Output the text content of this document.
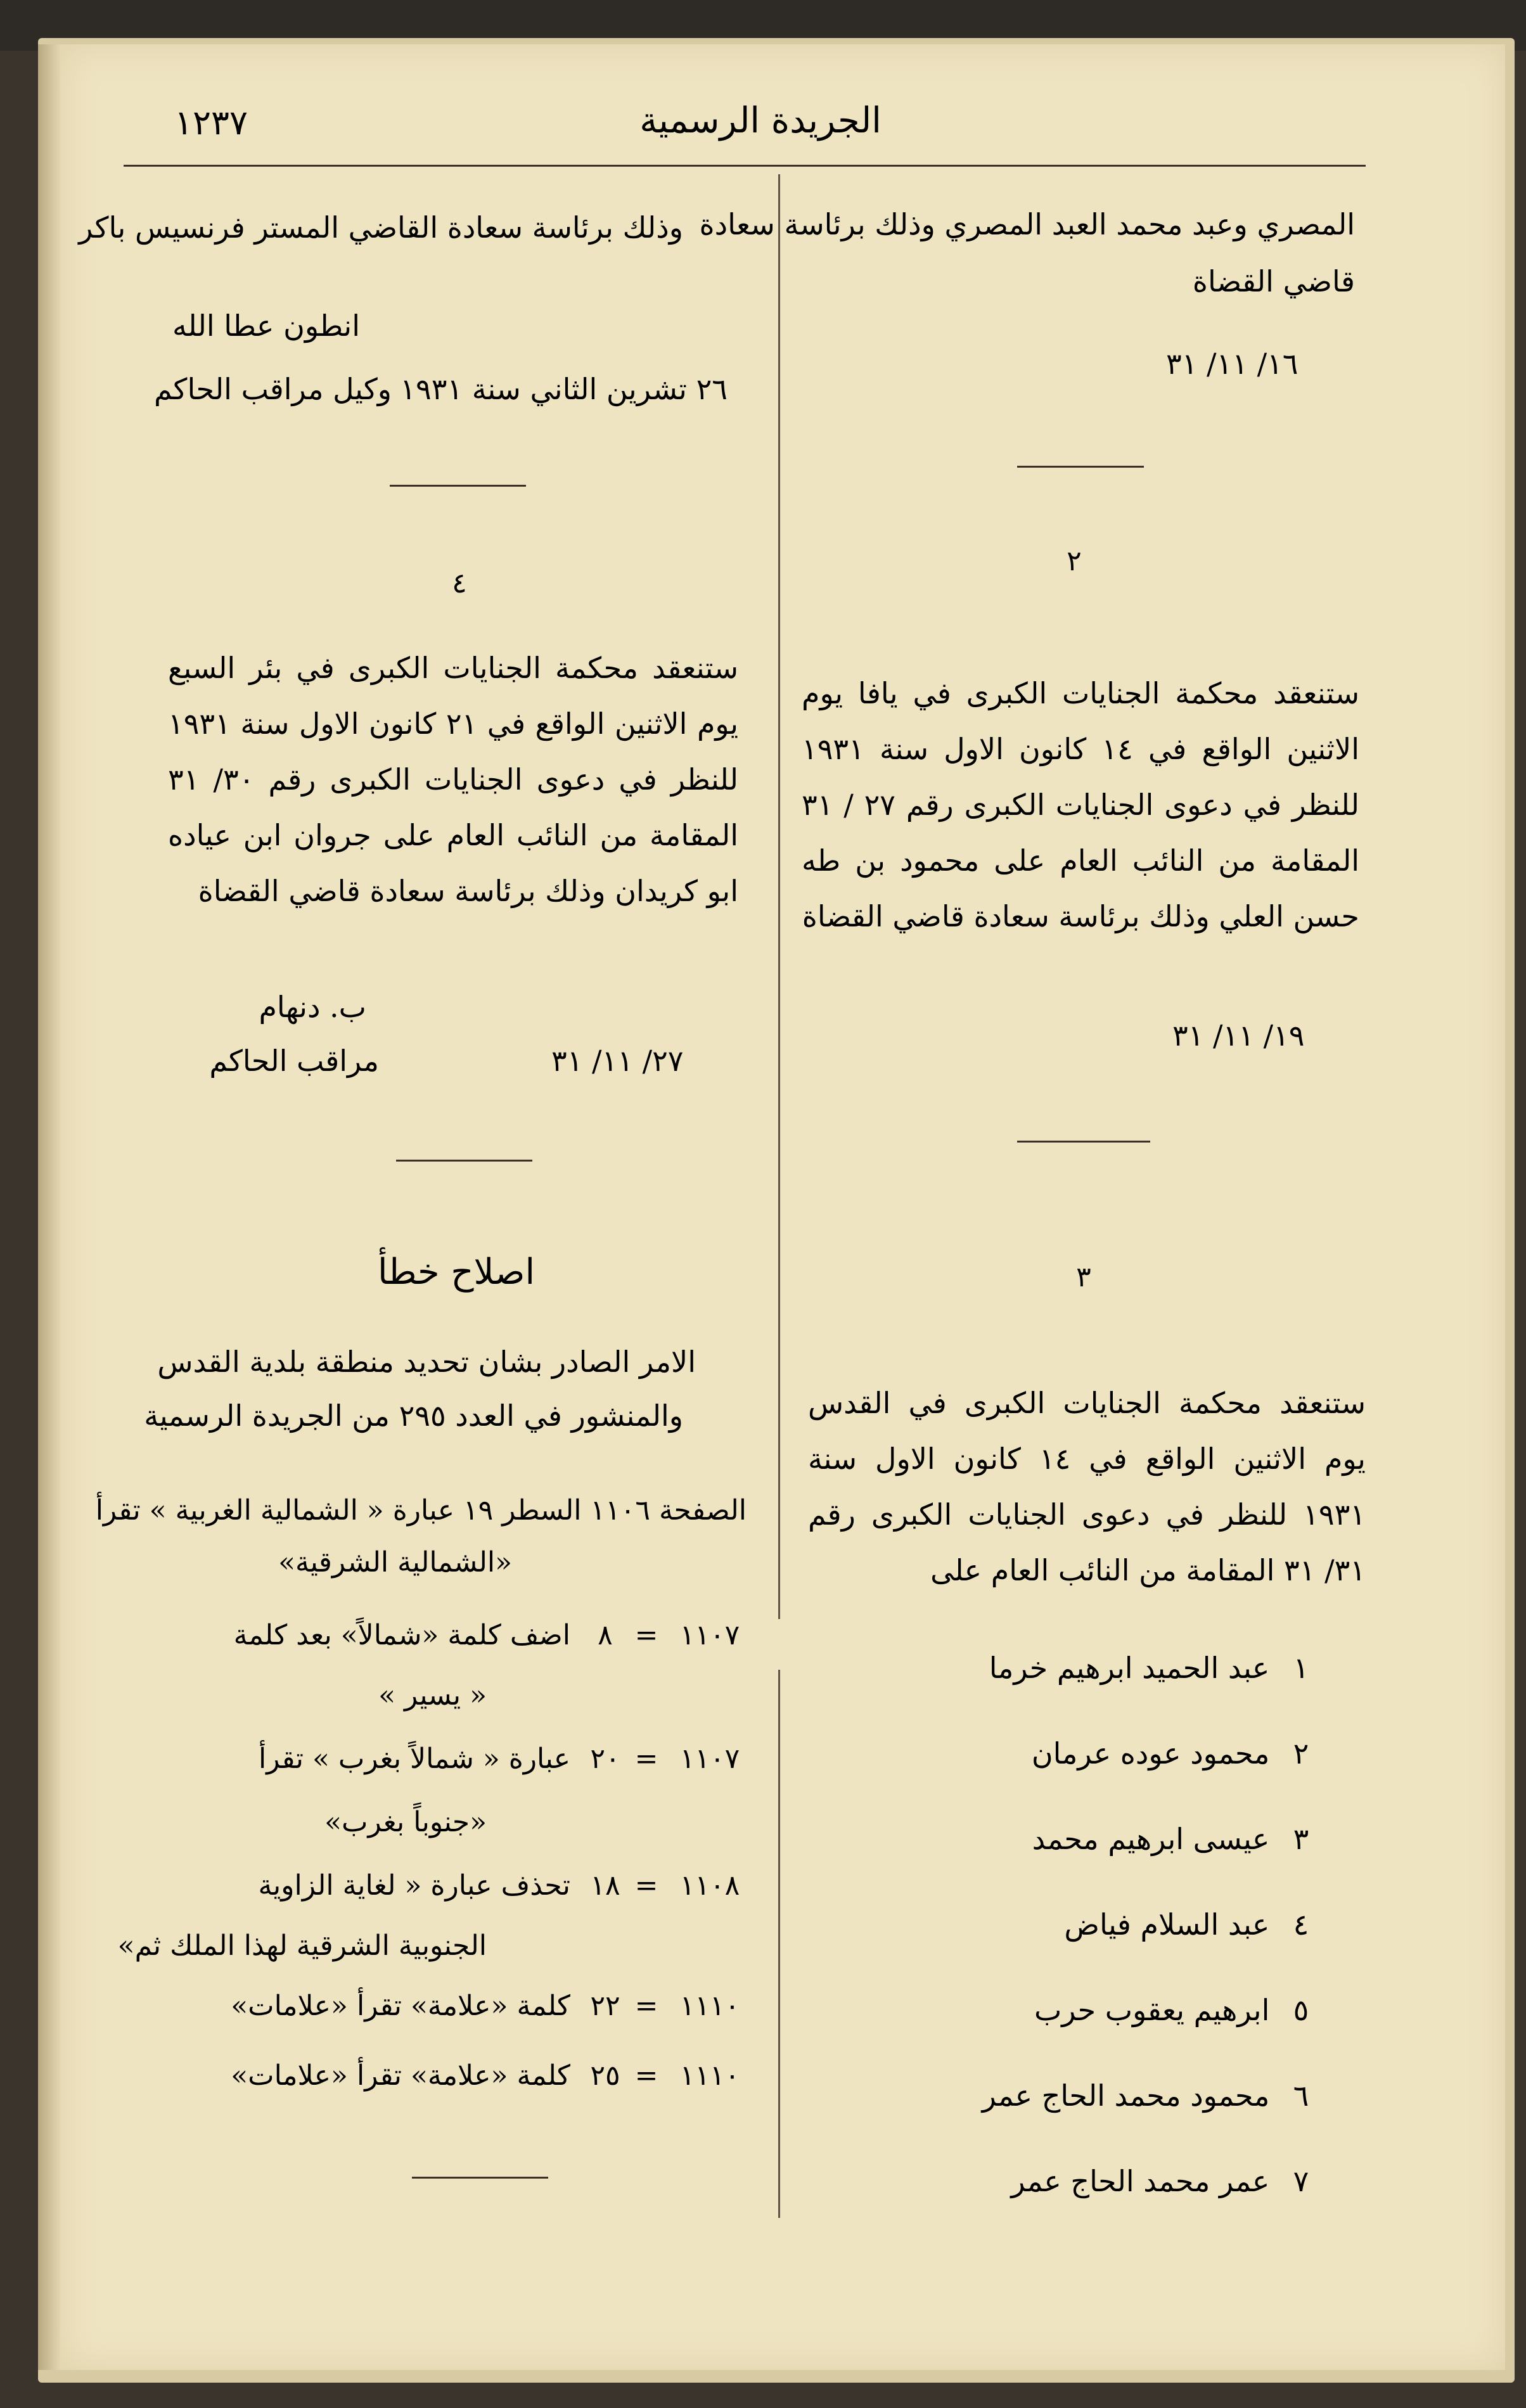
الجريدة الرسمية
١٢٣٧
المصري وعبد محمد العبد المصري وذلك برئاسة سعادة
قاضي القضاة
١٦/ ١١/ ٣١
٢
ستنعقد محكمة الجنايات الكبرى في يافا يوم الاثنين الواقع في ١٤ كانون الاول سنة ١٩٣١ للنظر في دعوى الجنايات الكبرى رقم ٢٧ / ٣١ المقامة من النائب العام على محمود بن طه حسن العلي وذلك برئاسة سعادة قاضي القضاة
١٩/ ١١/ ٣١
٣
ستنعقد محكمة الجنايات الكبرى في القدس يوم الاثنين الواقع في ١٤ كانون الاول سنة ١٩٣١ للنظر في دعوى الجنايات الكبرى رقم ٣١/ ٣١ المقامة من النائب العام على
١ عبد الحميد ابرهيم خرما
٢ محمود عوده عرمان
٣ عيسى ابرهيم محمد
٤ عبد السلام فياض
٥ ابرهيم يعقوب حرب
٦ محمود محمد الحاج عمر
٧ عمر محمد الحاج عمر
وذلك برئاسة سعادة القاضي المستر فرنسيس باكر
انطون عطا الله
٢٦ تشرين الثاني سنة ١٩٣١
وكيل مراقب الحاكم
٤
ستنعقد محكمة الجنايات الكبرى في بئر السبع يوم الاثنين الواقع في ٢١ كانون الاول سنة ١٩٣١ للنظر في دعوى الجنايات الكبرى رقم ٣٠/ ٣١ المقامة من النائب العام على جروان ابن عياده ابو كريدان وذلك برئاسة سعادة قاضي القضاة
ب. دنهام
٢٧/ ١١/ ٣١
مراقب الحاكم
اصلاح خطأ
الامر الصادر بشان تحديد منطقة بلدية القدس
والمنشور في العدد ٢٩٥ من الجريدة الرسمية
الصفحة ١١٠٦ السطر ١٩ عبارة « الشمالية الغربية » تقرأ
«الشمالية الشرقية»
١١٠٧=٨اضف كلمة «شمالاً» بعد كلمة
« يسير »
١١٠٧=٢٠عبارة « شمالاً بغرب » تقرأ
«جنوباً بغرب»
١١٠٨=١٨تحذف عبارة « لغاية الزاوية
الجنوبية الشرقية لهذا الملك ثم»
١١١٠=٢٢كلمة «علامة» تقرأ «علامات»
١١١٠=٢٥كلمة «علامة» تقرأ «علامات»
